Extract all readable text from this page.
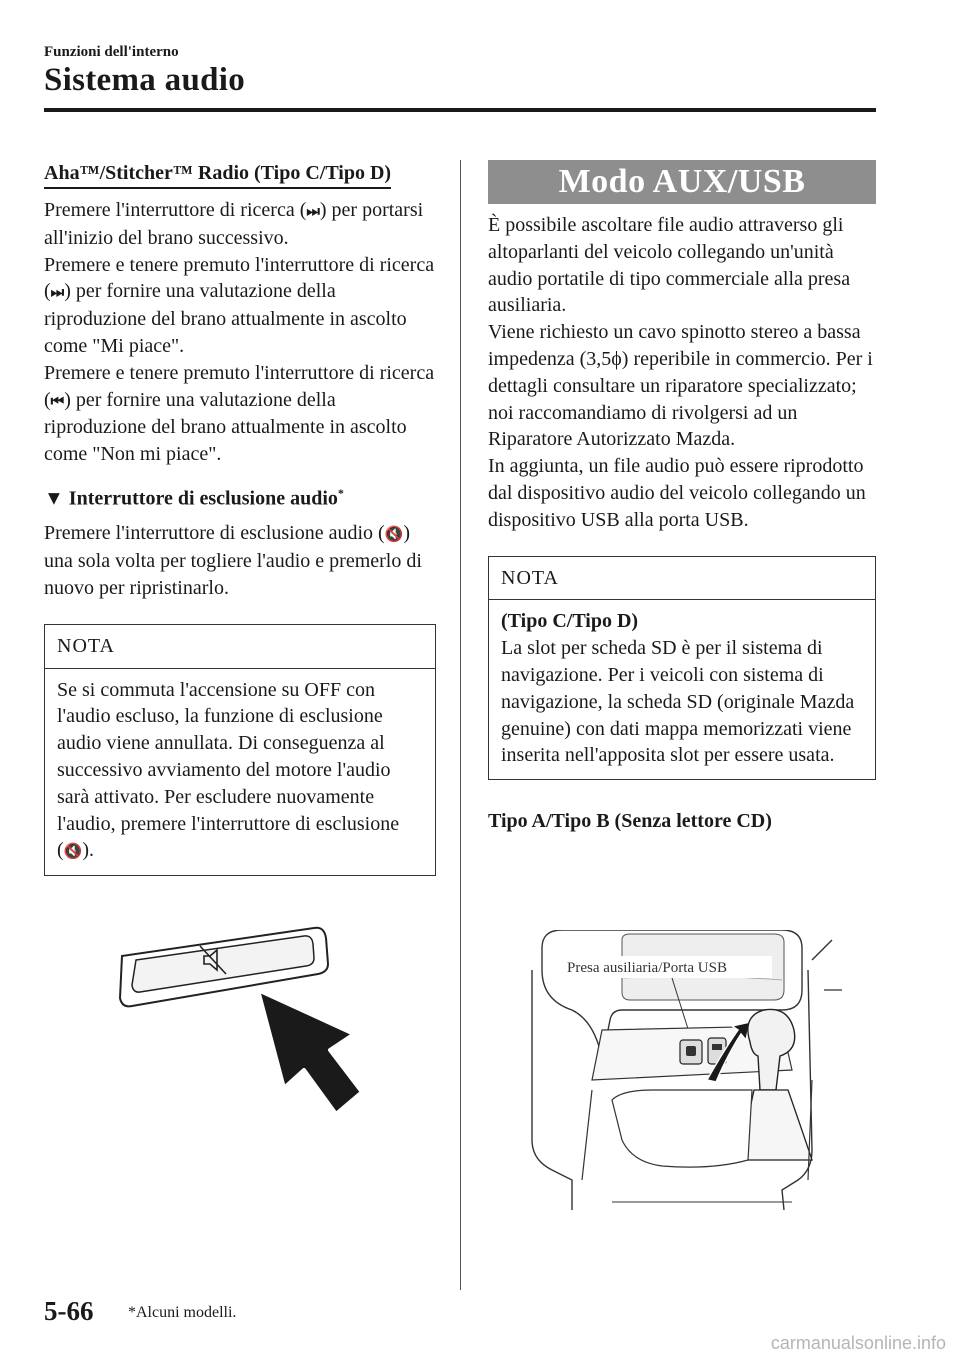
Funzioni dell'interno
Sistema audio
Aha™/Stitcher™ Radio (Tipo C/Tipo D)

Premere l'interruttore di ricerca (⏭) per portarsi all'inizio del brano successivo.

Premere e tenere premuto l'interruttore di ricerca (⏭) per fornire una valutazione della riproduzione del brano attualmente in ascolto come "Mi piace".

Premere e tenere premuto l'interruttore di ricerca (⏮) per fornire una valutazione della riproduzione del brano attualmente in ascolto come "Non mi piace".

▼ Interruttore di esclusione audio*
Premere l'interruttore di esclusione audio (🔇) una sola volta per togliere l'audio e premerlo di nuovo per ripristinarlo.
NOTA
Se si commuta l'accensione su OFF con l'audio escluso, la funzione di esclusione audio viene annullata. Di conseguenza al successivo avviamento del motore l'audio sarà attivato. Per escludere nuovamente l'audio, premere l'interruttore di esclusione (🔇).
Modo AUX/USB
È possibile ascoltare file audio attraverso gli altoparlanti del veicolo collegando un'unità audio portatile di tipo commerciale alla presa ausiliaria.
Viene richiesto un cavo spinotto stereo a bassa impedenza (3,5ϕ) reperibile in commercio. Per i dettagli consultare un riparatore specializzato; noi raccomandiamo di rivolgersi ad un Riparatore Autorizzato Mazda.
In aggiunta, un file audio può essere riprodotto dal dispositivo audio del veicolo collegando un dispositivo USB alla porta USB.
NOTA
(Tipo C/Tipo D)
La slot per scheda SD è per il sistema di navigazione. Per i veicoli con sistema di navigazione, la scheda SD (originale Mazda genuine) con dati mappa memorizzati viene inserita nell'apposita slot per essere usata.
Tipo A/Tipo B (Senza lettore CD)
Presa ausiliaria/Porta USB
5-66 *Alcuni modelli.
carmanualsonline.info
